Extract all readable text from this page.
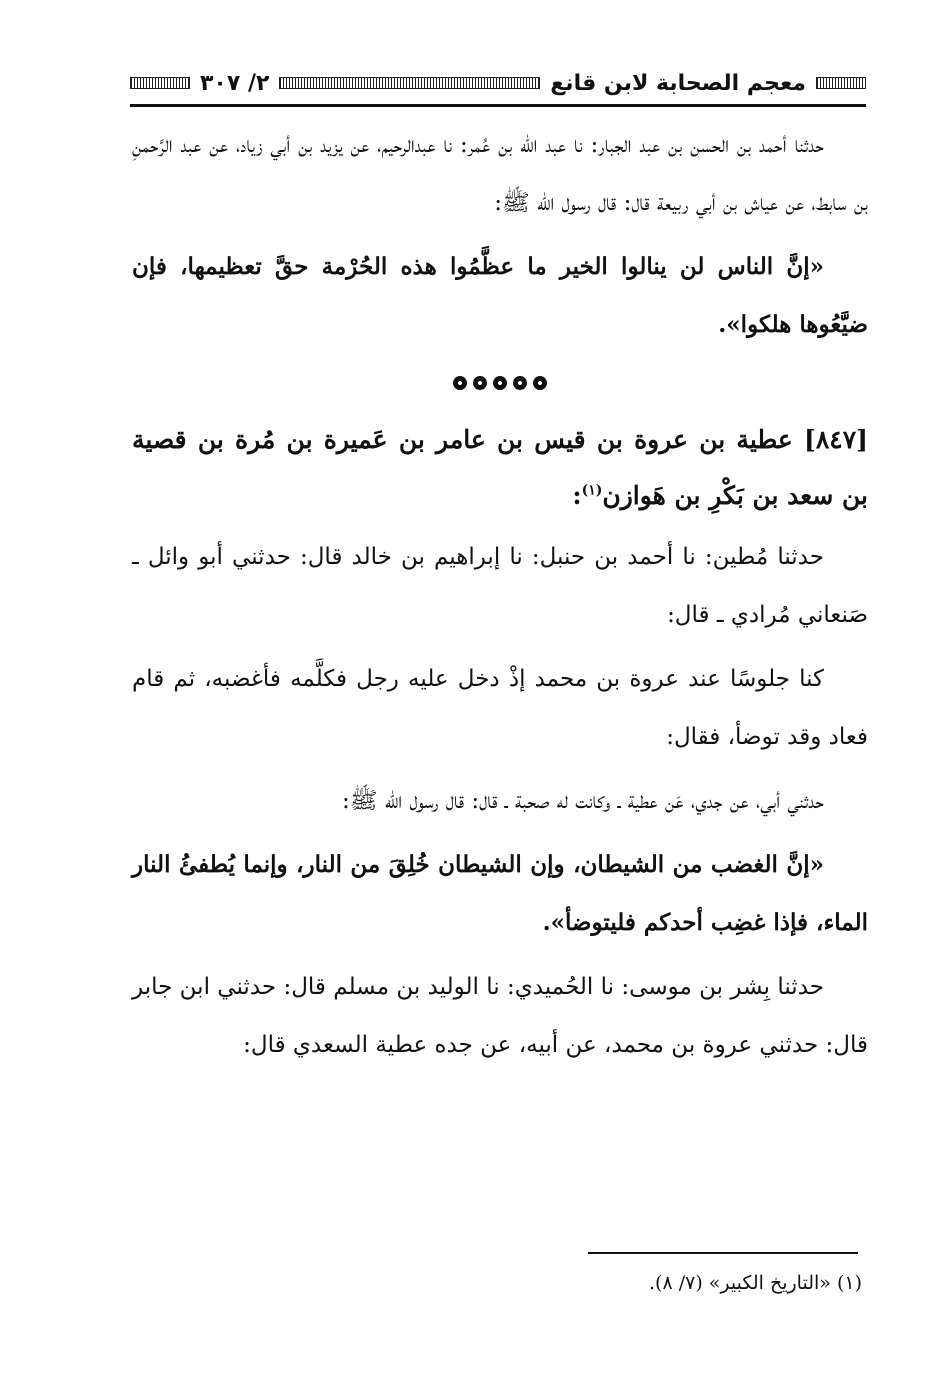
معجم الصحابة لابن قانع
٢/ ٣٠٧

حدثنا أحمد بن الحسن بن عبد الجبار: نا عبد الله بن عُمر: نا عبدالرحيم، عن يزيد بن أبي زياد، عن عبد الرَّحمنِ بن سابط، عن عياش بن أبي ربيعة قال: قال رسول الله ﷺ:

«إنَّ الناس لن ينالوا الخير ما عظَّمُوا هذه الحُرْمة حقَّ تعظيمها، فإن ضيَّعُوها هلكوا».

[٨٤٧] عطية بن عروة بن قيس بن عامر بن عَميرة بن مُرة بن قصية بن سعد بن بَكْرِ بن هَوازن$^{(١)}$:

حدثنا مُطين: نا أحمد بن حنبل: نا إبراهيم بن خالد قال: حدثني أبو وائل ـ صَنعاني مُرادي ـ قال:

كنا جلوسًا عند عروة بن محمد إذْ دخل عليه رجل فكلَّمه فأغضبه، ثم قام فعاد وقد توضأ، فقال:

حدثني أبي، عن جدي، عَن عطية ـ وكانت له صحبة ـ قال: قال رسول الله ﷺ:

«إنَّ الغضب من الشيطان، وإن الشيطان خُلِقَ من النار، وإنما يُطفئُ النار الماء، فإذا غضِب أحدكم فليتوضأ».

حدثنا بِشر بن موسى: نا الحُميدي: نا الوليد بن مسلم قال: حدثني ابن جابر قال: حدثني عروة بن محمد، عن أبيه، عن جده عطية السعدي قال:

(١) «التاريخ الكبير» (٧/ ٨).
